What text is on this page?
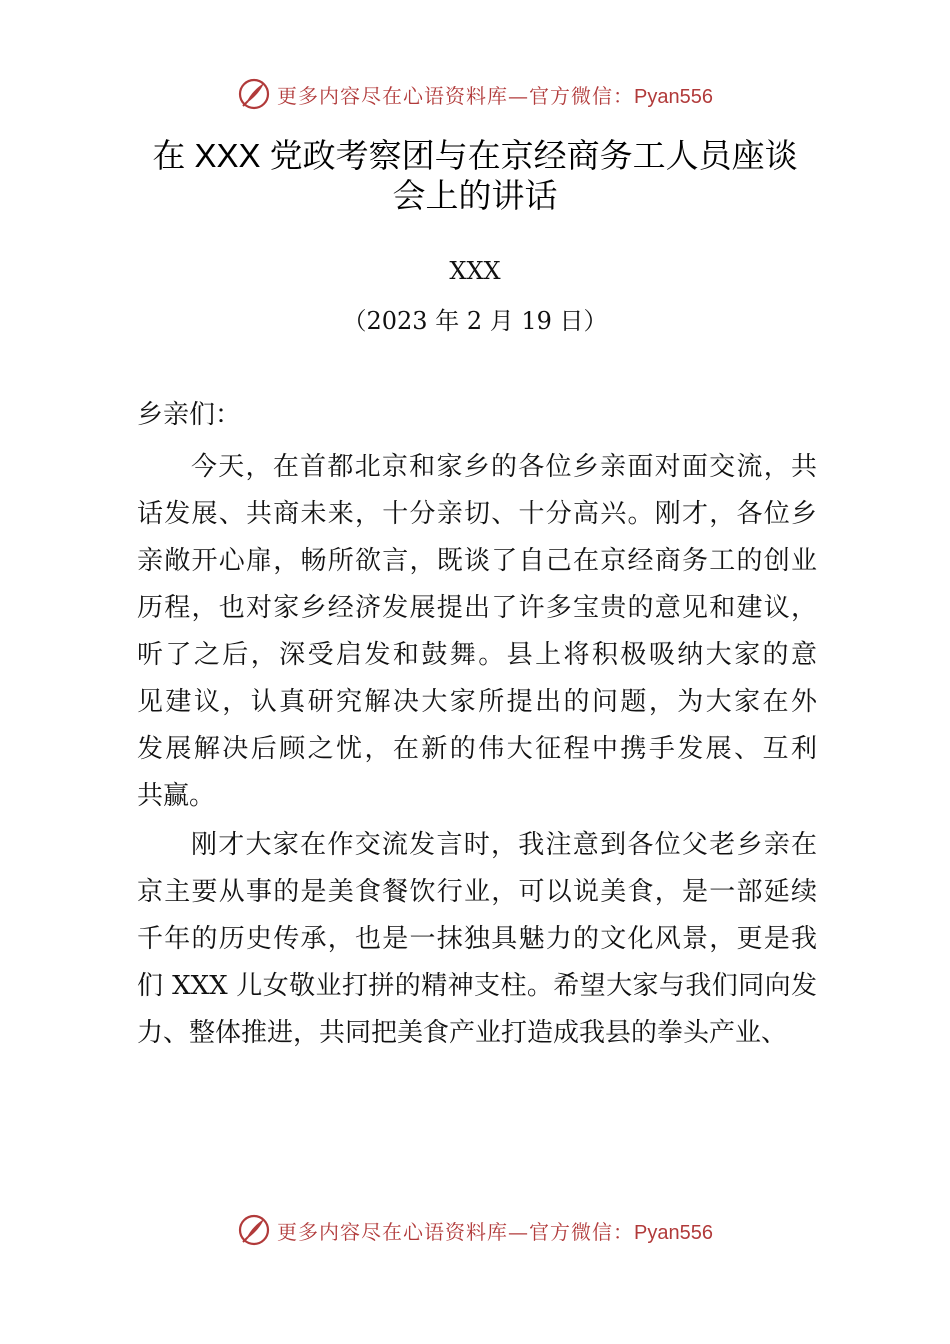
更多内容尽在心语资料库—官方微信：Pyan556
在 XXX 党政考察团与在京经商务工人员座谈
会上的讲话
XXX
（2023 年 2 月 19 日）
乡亲们：
今天，在首都北京和家乡的各位乡亲面对面交流，共
话发展、共商未来，十分亲切、十分高兴。刚才，各位乡
亲敞开心扉，畅所欲言，既谈了自己在京经商务工的创业
历程，也对家乡经济发展提出了许多宝贵的意见和建议，
听了之后，深受启发和鼓舞。县上将积极吸纳大家的意
见建议，认真研究解决大家所提出的问题，为大家在外
发展解决后顾之忧，在新的伟大征程中携手发展、互利
共赢。
刚才大家在作交流发言时，我注意到各位父老乡亲在
京主要从事的是美食餐饮行业，可以说美食，是一部延续
千年的历史传承，也是一抹独具魅力的文化风景，更是我
们 XXX 儿女敬业打拼的精神支柱。希望大家与我们同向发
力、整体推进，共同把美食产业打造成我县的拳头产业、
更多内容尽在心语资料库—官方微信：Pyan556
